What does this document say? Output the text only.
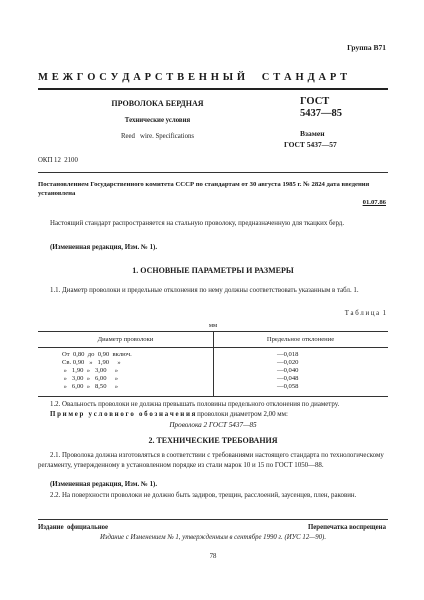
Группа В71
М Е Ж Г О С У Д А Р С Т В Е Н Н Ы Й     С Т А Н Д А Р Т
ПРОВОЛОКА БЕРДНАЯ
Технические условия
Reed   wire. Specifications
ГОСТ
5437—85
Взамен
ГОСТ 5437—57
ОКП 12  2100
Постановлением Государственного комитета СССР по стандартам от 30 августа 1985 г. № 2824 дата введения установлена
01.07.86
Настоящий стандарт распространяется на стальную проволоку, предназначенную для ткацких берд.
(Измененная редакция, Изм. № 1).
1. ОСНОВНЫЕ ПАРАМЕТРЫ И РАЗМЕРЫ
1.1. Диаметр проволоки и предельные отклонения по нему должны соответствовать указанным в табл. 1.
Т а б л и ц а  1
мм
Диаметр проволоки	Предельное отклонение
От  0,80  до  0,90  включ.	—0,018
Св. 0,90   »   1,90     »	—0,020
»   1,90  »   3,00     »	—0,040
»   3,00  »   6,00     »	—0,048
»   6,00  »   8,50     »	—0,058
1.2. Овальность проволоки не должна превышать половины предельного отклонения по диаметру.
П р и м е р   у с л о в н о г о   о б о з н а ч е н и я проволоки диаметром 2,00 мм:
Проволока 2 ГОСТ 5437—85
2. ТЕХНИЧЕСКИЕ ТРЕБОВАНИЯ
2.1. Проволока должна изготовляться в соответствии с требованиями настоящего стандарта по технологическому регламенту, утвержденному в установленном порядке из стали марок 10 и 15 по ГОСТ 1050—88.
(Измененная редакция, Изм. № 1).
2.2. На поверхности проволоки не должно быть задиров, трещин, расслоений, заусенцев, плен, раковин.
Издание  официальное	Перепечатка воспрещена
Издание с Изменением № 1, утвержденным в сентябре 1990 г. (ИУС 12—90).
78
